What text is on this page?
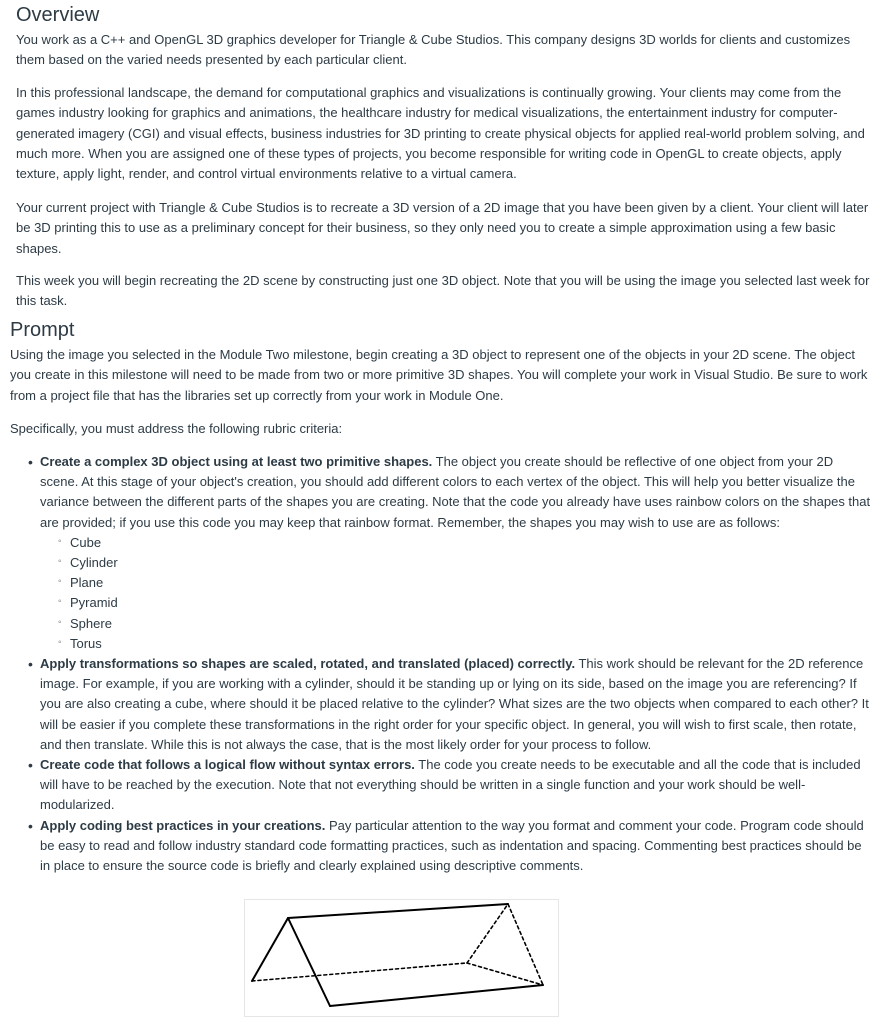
Overview

You work as a C++ and OpenGL 3D graphics developer for Triangle & Cube Studios. This company designs 3D worlds for clients and customizes them based on the varied needs presented by each particular client.

In this professional landscape, the demand for computational graphics and visualizations is continually growing. Your clients may come from the games industry looking for graphics and animations, the healthcare industry for medical visualizations, the entertainment industry for computer-generated imagery (CGI) and visual effects, business industries for 3D printing to create physical objects for applied real-world problem solving, and much more. When you are assigned one of these types of projects, you become responsible for writing code in OpenGL to create objects, apply texture, apply light, render, and control virtual environments relative to a virtual camera.

Your current project with Triangle & Cube Studios is to recreate a 3D version of a 2D image that you have been given by a client. Your client will later be 3D printing this to use as a preliminary concept for their business, so they only need you to create a simple approximation using a few basic shapes.

This week you will begin recreating the 2D scene by constructing just one 3D object. Note that you will be using the image you selected last week for this task.

Prompt

Using the image you selected in the Module Two milestone, begin creating a 3D object to represent one of the objects in your 2D scene. The object you create in this milestone will need to be made from two or more primitive 3D shapes. You will complete your work in Visual Studio. Be sure to work from a project file that has the libraries set up correctly from your work in Module One.

Specifically, you must address the following rubric criteria:

• Create a complex 3D object using at least two primitive shapes. The object you create should be reflective of one object from your 2D scene. At this stage of your object's creation, you should add different colors to each vertex of the object. This will help you better visualize the variance between the different parts of the shapes you are creating. Note that the code you already have uses rainbow colors on the shapes that are provided; if you use this code you may keep that rainbow format. Remember, the shapes you may wish to use are as follows:
◦ Cube
◦ Cylinder
◦ Plane
◦ Pyramid
◦ Sphere
◦ Torus
• Apply transformations so shapes are scaled, rotated, and translated (placed) correctly. This work should be relevant for the 2D reference image. For example, if you are working with a cylinder, should it be standing up or lying on its side, based on the image you are referencing? If you are also creating a cube, where should it be placed relative to the cylinder? What sizes are the two objects when compared to each other? It will be easier if you complete these transformations in the right order for your specific object. In general, you will wish to first scale, then rotate, and then translate. While this is not always the case, that is the most likely order for your process to follow.
• Create code that follows a logical flow without syntax errors. The code you create needs to be executable and all the code that is included will have to be reached by the execution. Note that not everything should be written in a single function and your work should be well-modularized.
• Apply coding best practices in your creations. Pay particular attention to the way you format and comment your code. Program code should be easy to read and follow industry standard code formatting practices, such as indentation and spacing. Commenting best practices should be in place to ensure the source code is briefly and clearly explained using descriptive comments.
